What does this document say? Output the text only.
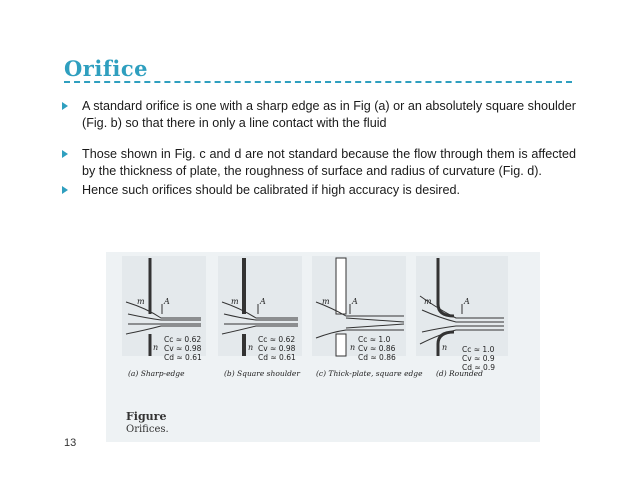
Orifice
A standard orifice is one with a sharp edge as in Fig (a) or an absolutely square shoulder (Fig. b) so that there in only a line contact with the fluid
Those shown in Fig. c and d are not standard because the flow through them is affected by the thickness of plate, the roughness of surface and radius of curvature (Fig. d).
Hence such orifices should be calibrated if high accuracy is desired.
m A
n
m	A
n
m	A
n
m	A
n
Cc ≈ 0.62
Cv ≈ 0.98
Cd ≈ 0.61
Cc ≈ 0.62
Cv ≈ 0.98
Cd ≈ 0.61
Cc ≈ 1.0
Cv ≈ 0.86
Cd ≈ 0.86
Cc ≈ 1.0
Cv ≈ 0.9
Cd ≈ 0.9
(a) Sharp-edge	(b) Square shoulder (c) Thick-plate, square edge (d) Rounded
Figure
Orifices.
13
